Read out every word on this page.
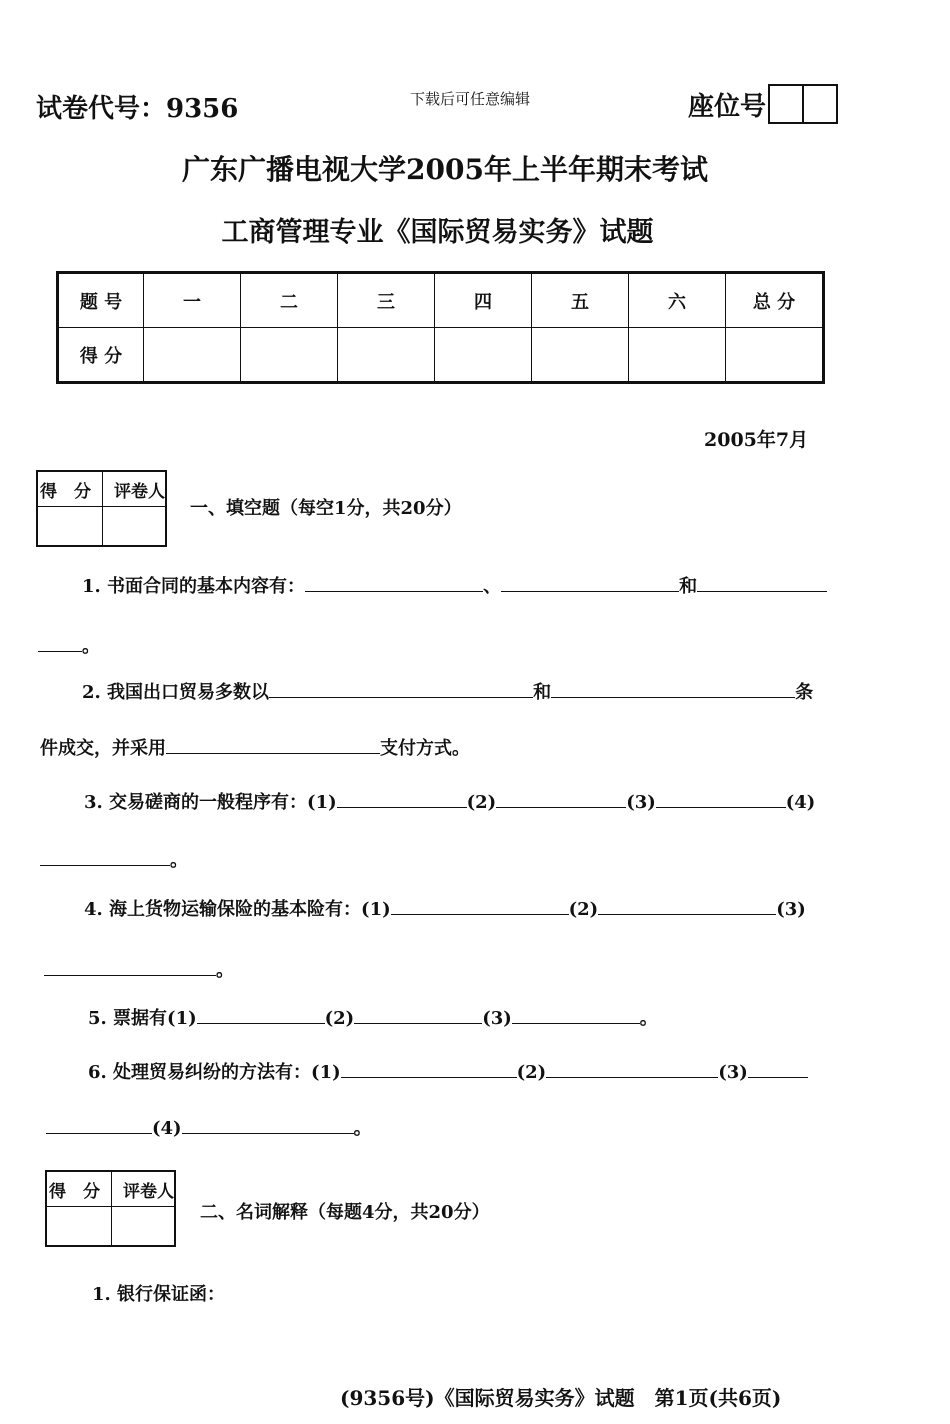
试卷代号：9356	下载后可任意编辑	座位号
广东广播电视大学2005年上半年期末考试
工商管理专业《国际贸易实务》试题
题 号	一	二	三	四	五	六	总 分
得 分							
2005年7月
得　分	评卷人

一、填空题（每空1分，共20分）
1. 书面合同的基本内容有：	、	和
。
2. 我国出口贸易多数以	和	条
件成交，并采用	支付方式。
3. 交易磋商的一般程序有：(1)	(2)	(3)	(4)
。
4. 海上货物运输保险的基本险有：(1)	(2)	(3)
。
5. 票据有(1)	(2)	(3)	。
6. 处理贸易纠纷的方法有：(1)	(2)	(3)
(4)	。
得　分	评卷人

二、名词解释（每题4分，共20分）
1. 银行保证函：
(9356号)《国际贸易实务》试题　第1页(共6页)
